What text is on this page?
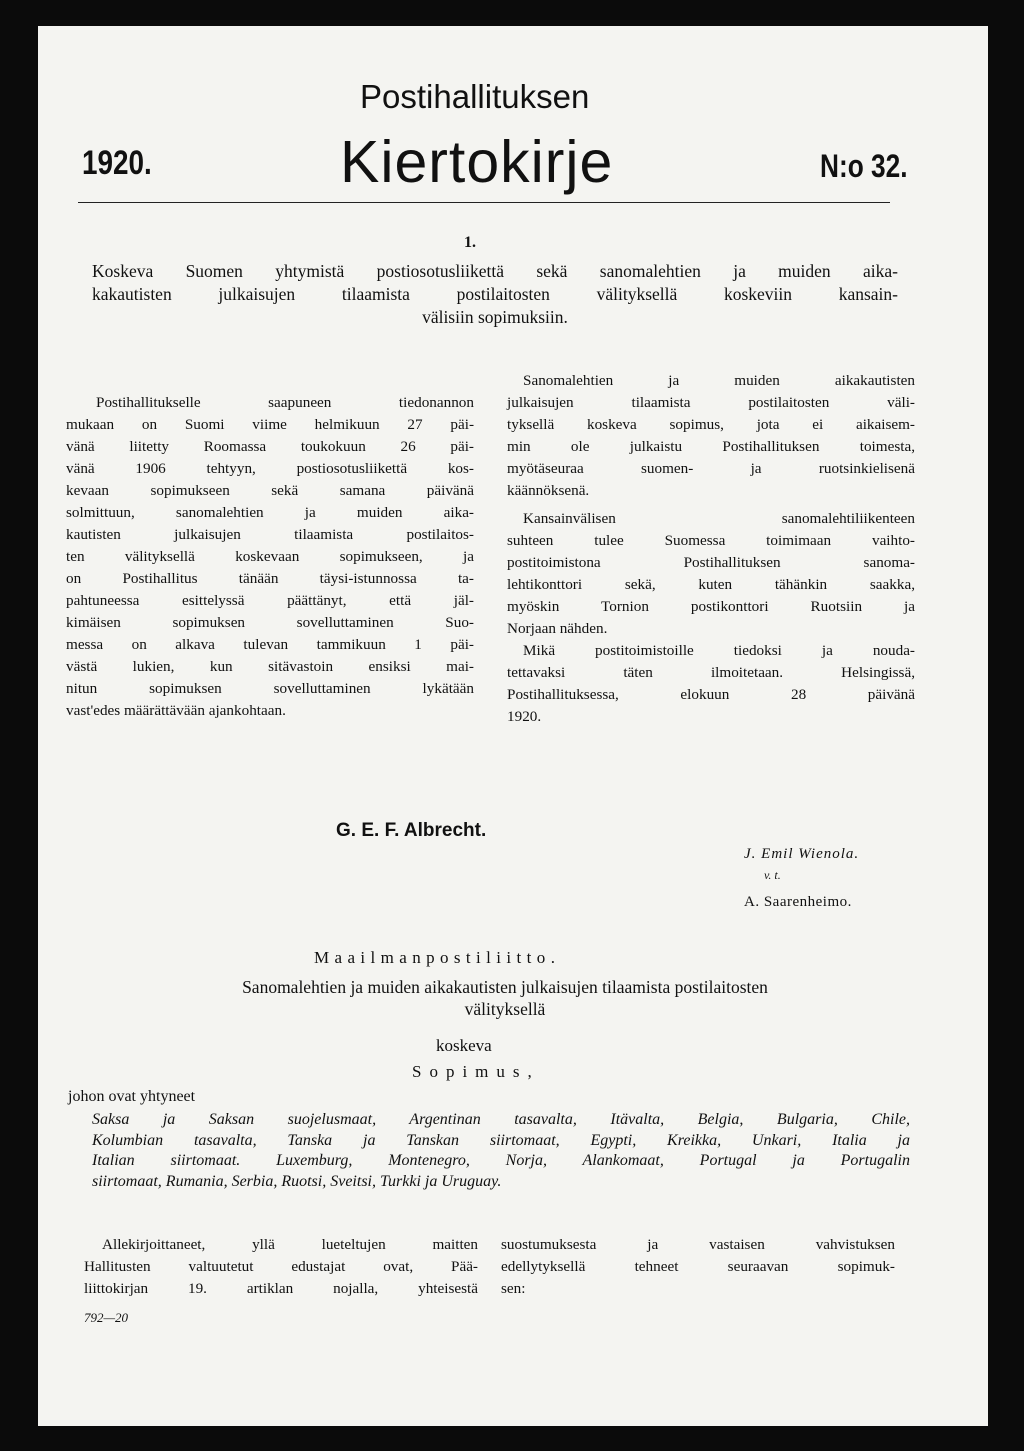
Postihallituksen
1920.	Kiertokirje	N:o 32.
1.
Koskeva Suomen yhtymistä postiosotusliikettä sekä sanomalehtien ja muiden aika-
kakautisten julkaisujen tilaamista postilaitosten välityksellä koskeviin kansain-
välisiin sopimuksiin.

Postihallitukselle saapuneen tiedonannon

mukaan on Suomi viime helmikuun 27 päi-

vänä liitetty Roomassa toukokuun 26 päi-

vänä 1906 tehtyyn, postiosotusliikettä kos-

kevaan sopimukseen sekä samana päivänä

solmittuun, sanomalehtien ja muiden aika-

kautisten julkaisujen tilaamista postilaitos-

ten välityksellä koskevaan sopimukseen, ja

on Postihallitus tänään täysi-istunnossa ta-

pahtuneessa esittelyssä päättänyt, että jäl-

kimäisen sopimuksen sovelluttaminen Suo-

messa on alkava tulevan tammikuun 1 päi-

västä lukien, kun sitävastoin ensiksi mai-

nitun sopimuksen sovelluttaminen lykätään

vast'edes määrättävään ajankohtaan.

Sanomalehtien ja muiden aikakautisten

julkaisujen tilaamista postilaitosten väli-

tyksellä koskeva sopimus, jota ei aikaisem-

min ole julkaistu Postihallituksen toimesta,

myötäseuraa suomen- ja ruotsinkielisenä

käännöksenä.

Kansainvälisen sanomalehtiliikenteen

suhteen tulee Suomessa toimimaan vaihto-

postitoimistona Postihallituksen sanoma-

lehtikonttori sekä, kuten tähänkin saakka,

myöskin Tornion postikonttori Ruotsiin ja

Norjaan nähden.

Mikä postitoimistoille tiedoksi ja nouda-

tettavaksi täten ilmoitetaan. Helsingissä,

Postihallituksessa, elokuun 28 päivänä

1920.

G. E. F. Albrecht.
J. Emil Wienola.
v. t.
A. Saarenheimo.
Maailmanpostiliitto.
Sanomalehtien ja muiden aikakautisten julkaisujen tilaamista postilaitosten
välityksellä
koskeva
Sopimus,
johon ovat yhtyneet
Saksa ja Saksan suojelusmaat, Argentinan tasavalta, Itävalta, Belgia, Bulgaria, Chile,
Kolumbian tasavalta, Tanska ja Tanskan siirtomaat, Egypti, Kreikka, Unkari, Italia ja
Italian siirtomaat. Luxemburg, Montenegro, Norja, Alankomaat, Portugal ja Portugalin
siirtomaat, Rumania, Serbia, Ruotsi, Sveitsi, Turkki ja Uruguay.

Allekirjoittaneet, yllä lueteltujen maitten

Hallitusten valtuutetut edustajat ovat, Pää-

liittokirjan 19. artiklan nojalla, yhteisestä

suostumuksesta ja vastaisen vahvistuksen

edellytyksellä tehneet seuraavan sopimuk-

sen:

792—20
